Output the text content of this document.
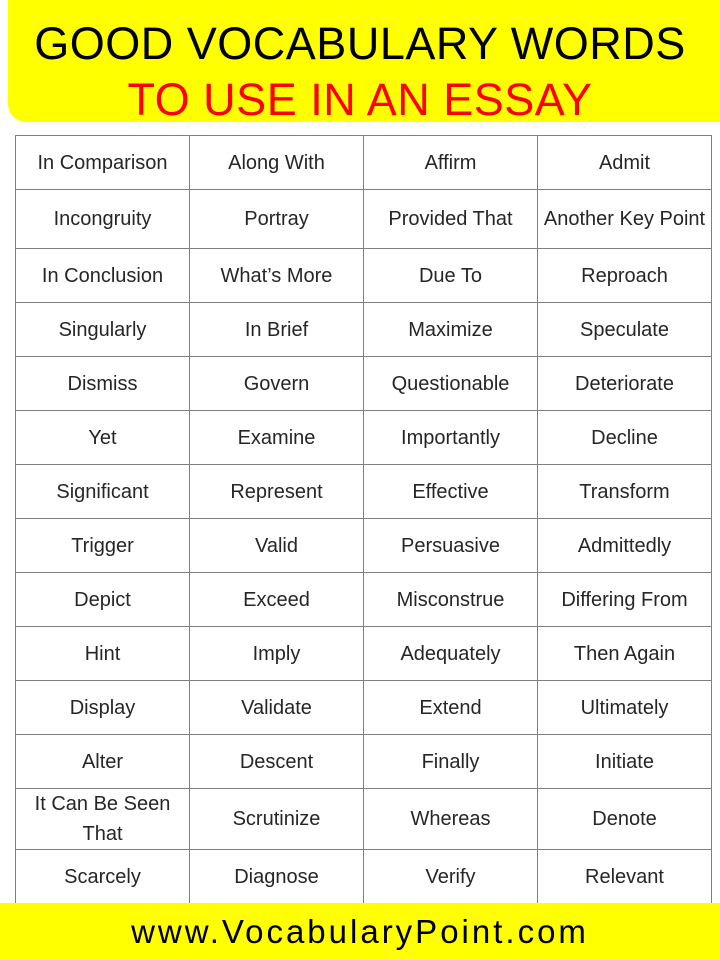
GOOD VOCABULARY WORDS
TO USE IN AN ESSAY
In Comparison	Along With	Affirm	Admit
Incongruity	Portray	Provided That	Another Key Point
In Conclusion	What’s More	Due To	Reproach
Singularly	In Brief	Maximize	Speculate
Dismiss	Govern	Questionable	Deteriorate
Yet	Examine	Importantly	Decline
Significant	Represent	Effective	Transform
Trigger	Valid	Persuasive	Admittedly
Depict	Exceed	Misconstrue	Differing From
Hint	Imply	Adequately	Then Again
Display	Validate	Extend	Ultimately
Alter	Descent	Finally	Initiate
It Can Be Seen That	Scrutinize	Whereas	Denote
Scarcely	Diagnose	Verify	Relevant
www.VocabularyPoint.com
